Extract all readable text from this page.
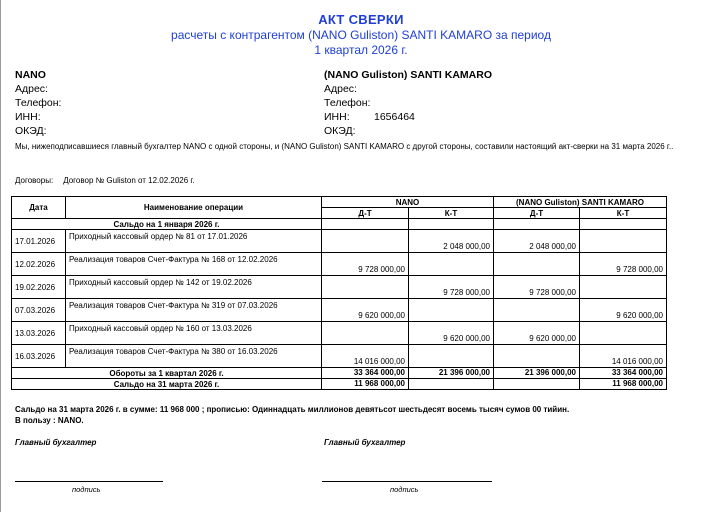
АКТ СВЕРКИ
расчеты с контрагентом (NANO Guliston) SANTI KAMARO за период
1 квартал 2026 г.
NANO
Адрес:
Телефон:
ИНН:
ОКЭД:
(NANO Guliston) SANTI KAMARO
Адрес:
Телефон:
ИНН: 1656464
ОКЭД:
Мы, нижеподписавшиеся главный бухгалтер NANO с одной стороны, и (NANO Guliston) SANTI KAMARO с другой стороны, составили настоящий акт-сверки на 31 марта 2026 г..
Договоры: Договор № Guliston от 12.02.2026 г.
Дата	Наименование операции	NANO		(NANO Guliston) SANTI KAMARO	
		Д-Т	К-Т	Д-Т	К-Т
Сальдо на 1 января 2026 г.					
17.01.2026	Приходный кассовый ордер № 81 от 17.01.2026		2 048 000,00	2 048 000,00	
12.02.2026	Реализация товаров Счет-Фактура № 168 от 12.02.2026	9 728 000,00			9 728 000,00
19.02.2026	Приходный кассовый ордер № 142 от 19.02.2026		9 728 000,00	9 728 000,00	
07.03.2026	Реализация товаров Счет-Фактура № 319 от 07.03.2026	9 620 000,00			9 620 000,00
13.03.2026	Приходный кассовый ордер № 160 от 13.03.2026		9 620 000,00	9 620 000,00	
16.03.2026	Реализация товаров Счет-Фактура № 380 от 16.03.2026	14 016 000,00			14 016 000,00
Обороты за 1 квартал 2026 г.		33 364 000,00	21 396 000,00	21 396 000,00	33 364 000,00
Сальдо на 31 марта 2026 г.		11 968 000,00			11 968 000,00
Сальдо на 31 марта 2026 г. в сумме: 11 968 000 ; прописью: Одиннадцать миллионов девятьсот шестьдесят восемь тысяч сумов 00 тийин.
В пользу : NANO.
Главный бухгалтер	Главный бухгалтер
подпись	подпись
